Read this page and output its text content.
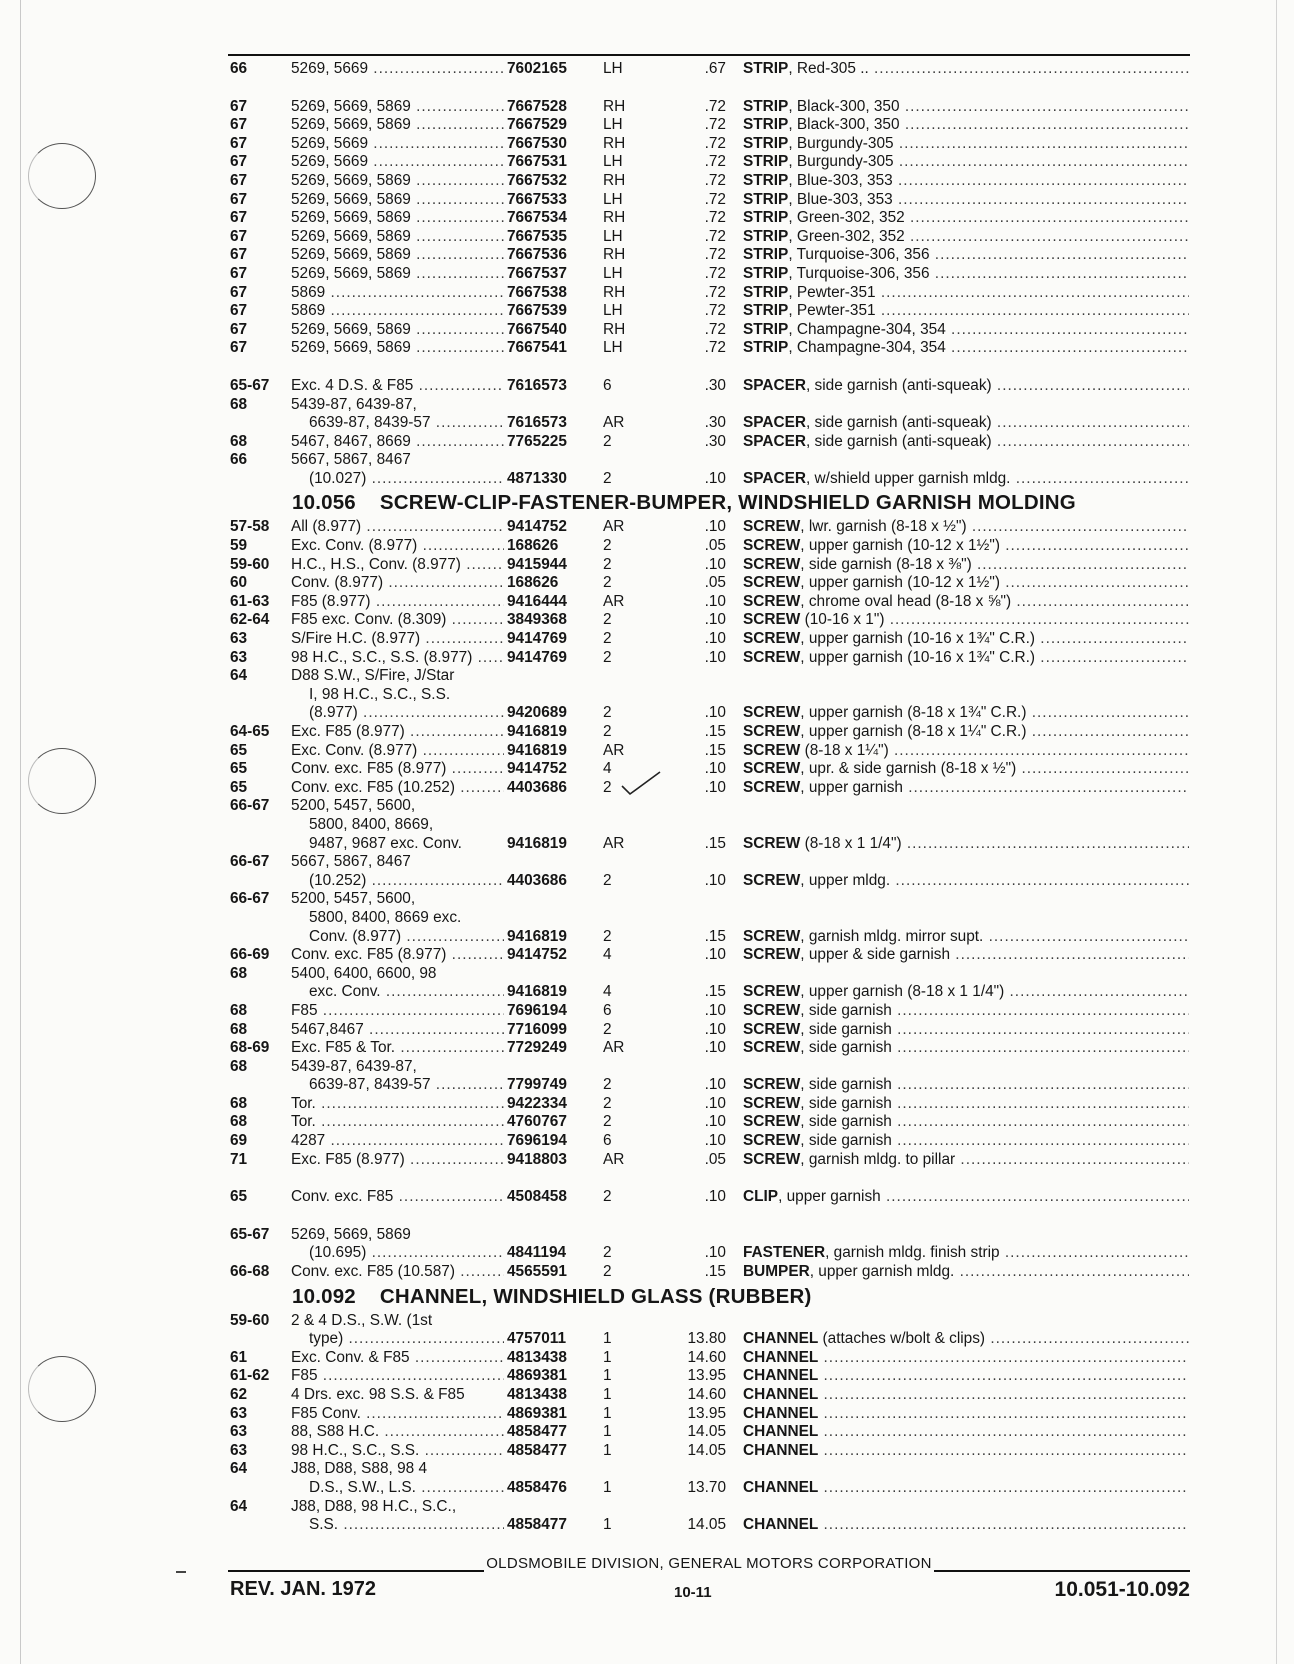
66	5269, 5669 .....	7602165	LH	.67 STRIP, Red-305 .. .....
67	5269, 5669, 5869 .....	7667528	RH	.72 STRIP, Black-300, 350 .....
67	5269, 5669, 5869 .....	7667529	LH	.72 STRIP, Black-300, 350 .....
67	5269, 5669 .....	7667530	RH	.72 STRIP, Burgundy-305 .....
67	5269, 5669 .....	7667531	LH	.72 STRIP, Burgundy-305 .....
67	5269, 5669, 5869 .....	7667532	RH	.72 STRIP, Blue-303, 353 .....
67	5269, 5669, 5869 .....	7667533	LH	.72 STRIP, Blue-303, 353 .....
67	5269, 5669, 5869 .....	7667534	RH	.72 STRIP, Green-302, 352 .....
67	5269, 5669, 5869 .....	7667535	LH	.72 STRIP, Green-302, 352 .....
67	5269, 5669, 5869 .....	7667536	RH	.72 STRIP, Turquoise-306, 356 .....
67	5269, 5669, 5869 .....	7667537	LH	.72 STRIP, Turquoise-306, 356 .....
67	5869 .....	7667538	RH	.72 STRIP, Pewter-351 .....
67	5869 .....	7667539	LH	.72 STRIP, Pewter-351 .....
67	5269, 5669, 5869 .....	7667540	RH	.72 STRIP, Champagne-304, 354 .....
67	5269, 5669, 5869 .....	7667541	LH	.72 STRIP, Champagne-304, 354 .....
65-67	Exc. 4 D.S. & F85 .....	7616573	6	.30 SPACER, side garnish (anti-squeak) .....
68	5439-87, 6439-87,
6639-87, 8439-57 .....	7616573	AR	.30 SPACER, side garnish (anti-squeak) .....
68	5467, 8467, 8669 .....	7765225	2	.30 SPACER, side garnish (anti-squeak) .....
66	5667, 5867, 8467
(10.027) .....	4871330	2	.10 SPACER, w/shield upper garnish mldg. .....
10.056 SCREW-CLIP-FASTENER-BUMPER, WINDSHIELD GARNISH MOLDING
57-58	All (8.977) .....	9414752	AR	.10 SCREW, lwr. garnish (8-18 x ½") .....
59	Exc. Conv. (8.977) .....	168626	2	.05 SCREW, upper garnish (10-12 x 1½") .....
59-60	H.C., H.S., Conv. (8.977) .....	9415944	2	.10 SCREW, side garnish (8-18 x ⅜") .....
60	Conv. (8.977) .....	168626	2	.05 SCREW, upper garnish (10-12 x 1½") .....
61-63	F85 (8.977) .....	9416444	AR	.10 SCREW, chrome oval head (8-18 x ⅝") .....
62-64	F85 exc. Conv. (8.309) .....	3849368	2	.10 SCREW (10-16 x 1") .....
63	S/Fire H.C. (8.977) .....	9414769	2	.10 SCREW, upper garnish (10-16 x 1¾" C.R.) .....
63	98 H.C., S.C., S.S. (8.977) .....	9414769	2	.10 SCREW, upper garnish (10-16 x 1¾" C.R.) .....
64	D88 S.W., S/Fire, J/Star
I, 98 H.C., S.C., S.S.
(8.977) .....	9420689	2	.10 SCREW, upper garnish (8-18 x 1¾" C.R.) .....
64-65	Exc. F85 (8.977) .....	9416819	2	.15 SCREW, upper garnish (8-18 x 1¼" C.R.) .....
65	Exc. Conv. (8.977) .....	9416819	AR	.15 SCREW (8-18 x 1¼") .....
65	Conv. exc. F85 (8.977) .....	9414752	4	.10 SCREW, upr. & side garnish (8-18 x ½") .....
65	Conv. exc. F85 (10.252) .....	4403686	2	.10 SCREW, upper garnish .....
66-67	5200, 5457, 5600,
5800, 8400, 8669,
9487, 9687 exc. Conv.	9416819	AR	.15 SCREW (8-18 x 1 1/4") .....
66-67	5667, 5867, 8467
(10.252) .....	4403686	2	.10 SCREW, upper mldg. .....
66-67	5200, 5457, 5600,
5800, 8400, 8669 exc.
Conv. (8.977) .....	9416819	2	.15 SCREW, garnish mldg. mirror supt. .....
66-69	Conv. exc. F85 (8.977) .....	9414752	4	.10 SCREW, upper & side garnish .....
68	5400, 6400, 6600, 98
exc. Conv. .....	9416819	4	.15 SCREW, upper garnish (8-18 x 1 1/4") .....
68	F85 .....	7696194	6	.10 SCREW, side garnish .....
68	5467,8467 .....	7716099	2	.10 SCREW, side garnish .....
68-69	Exc. F85 & Tor. .....	7729249	AR	.10 SCREW, side garnish .....
68	5439-87, 6439-87,
6639-87, 8439-57 .....	7799749	2	.10 SCREW, side garnish .....
68	Tor. .....	9422334	2	.10 SCREW, side garnish .....
68	Tor. .....	4760767	2	.10 SCREW, side garnish .....
69	4287 .....	7696194	6	.10 SCREW, side garnish .....
71	Exc. F85 (8.977) .....	9418803	AR	.05 SCREW, garnish mldg. to pillar .....
65	Conv. exc. F85 .....	4508458	2	.10 CLIP, upper garnish .....
65-67	5269, 5669, 5869
(10.695) .....	4841194	2	.10 FASTENER, garnish mldg. finish strip .....
66-68	Conv. exc. F85 (10.587) .....	4565591	2	.15 BUMPER, upper garnish mldg. .....
10.092 CHANNEL, WINDSHIELD GLASS (RUBBER)
59-60	2 & 4 D.S., S.W. (1st
type) .....	4757011	1	13.80 CHANNEL (attaches w/bolt & clips) .....
61	Exc. Conv. & F85 .....	4813438	1	14.60 CHANNEL .....
61-62	F85 .....	4869381	1	13.95 CHANNEL .....
62	4 Drs. exc. 98 S.S. & F85	4813438	1	14.60 CHANNEL .....
63	F85 Conv. .....	4869381	1	13.95 CHANNEL .....
63	88, S88 H.C. .....	4858477	1	14.05 CHANNEL .....
63	98 H.C., S.C., S.S. .....	4858477	1	14.05 CHANNEL .....
64	J88, D88, S88, 98 4
D.S., S.W., L.S. .....	4858476	1	13.70 CHANNEL .....
64	J88, D88, 98 H.C., S.C.,
S.S. .....	4858477	1	14.05 CHANNEL .....
OLDSMOBILE DIVISION, GENERAL MOTORS CORPORATION
REV. JAN. 1972	10-11	10.051-10.092
